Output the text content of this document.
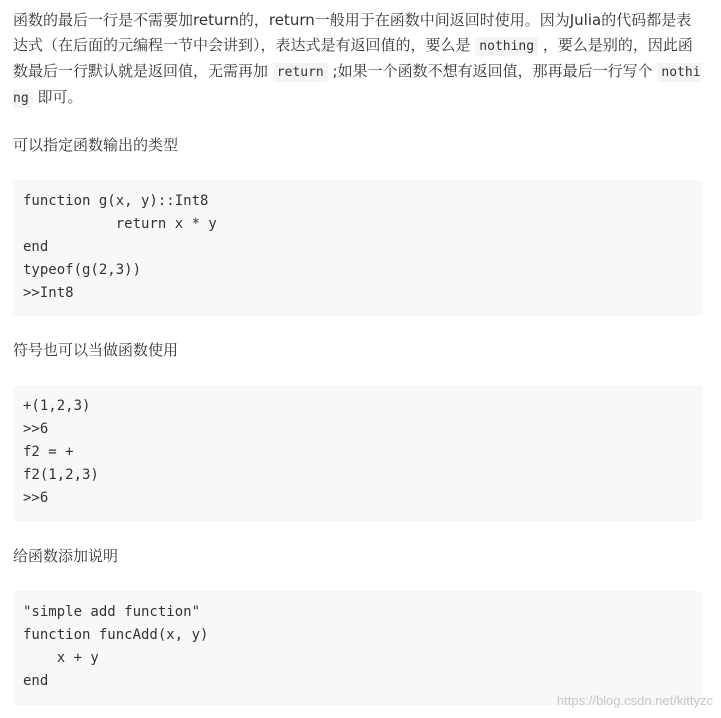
函数的最后一行是不需要加return的，return一般用于在函数中间返回时使用。因为Julia的代码都是表达式（在后面的元编程一节中会讲到），表达式是有返回值的，要么是 nothing ，要么是别的，因此函数最后一行默认就是返回值，无需再加 return ;如果一个函数不想有返回值，那再最后一行写个 nothing 即可。

可以指定函数输出的类型

function g(x, y)::Int8
return x * y
end
typeof(g(2,3))
>>Int8

符号也可以当做函数使用

+(1,2,3)
>>6
f2 = +
f2(1,2,3)
>>6

给函数添加说明

"simple add function"
function funcAdd(x, y)
x + y
end
https://blog.csdn.net/kittyzc
